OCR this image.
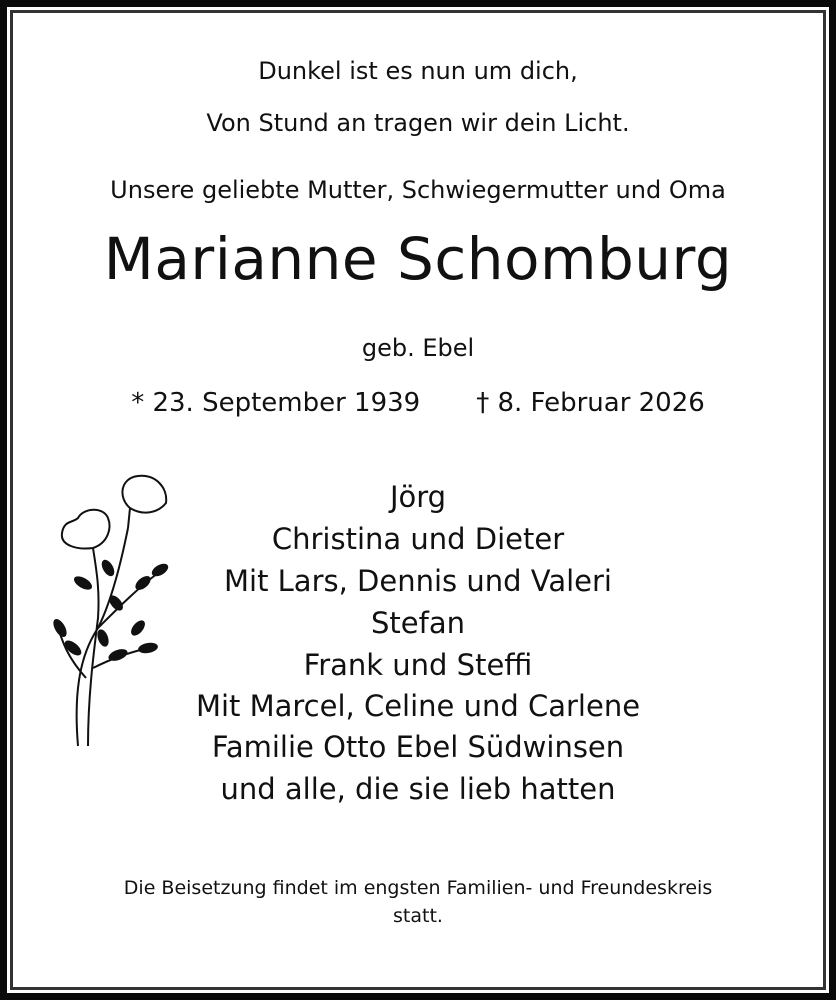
Dunkel ist es nun um dich,
Von Stund an tragen wir dein Licht.
Unsere geliebte Mutter, Schwiegermutter und Oma
Marianne Schomburg
geb. Ebel
* 23. September 1939 † 8. Februar 2026
Jörg
Christina und Dieter
Mit Lars, Dennis und Valeri
Stefan
Frank und Steffi
Mit Marcel, Celine und Carlene
Familie Otto Ebel Südwinsen
und alle, die sie lieb hatten
Die Beisetzung findet im engsten Familien- und Freundeskreis
statt.
